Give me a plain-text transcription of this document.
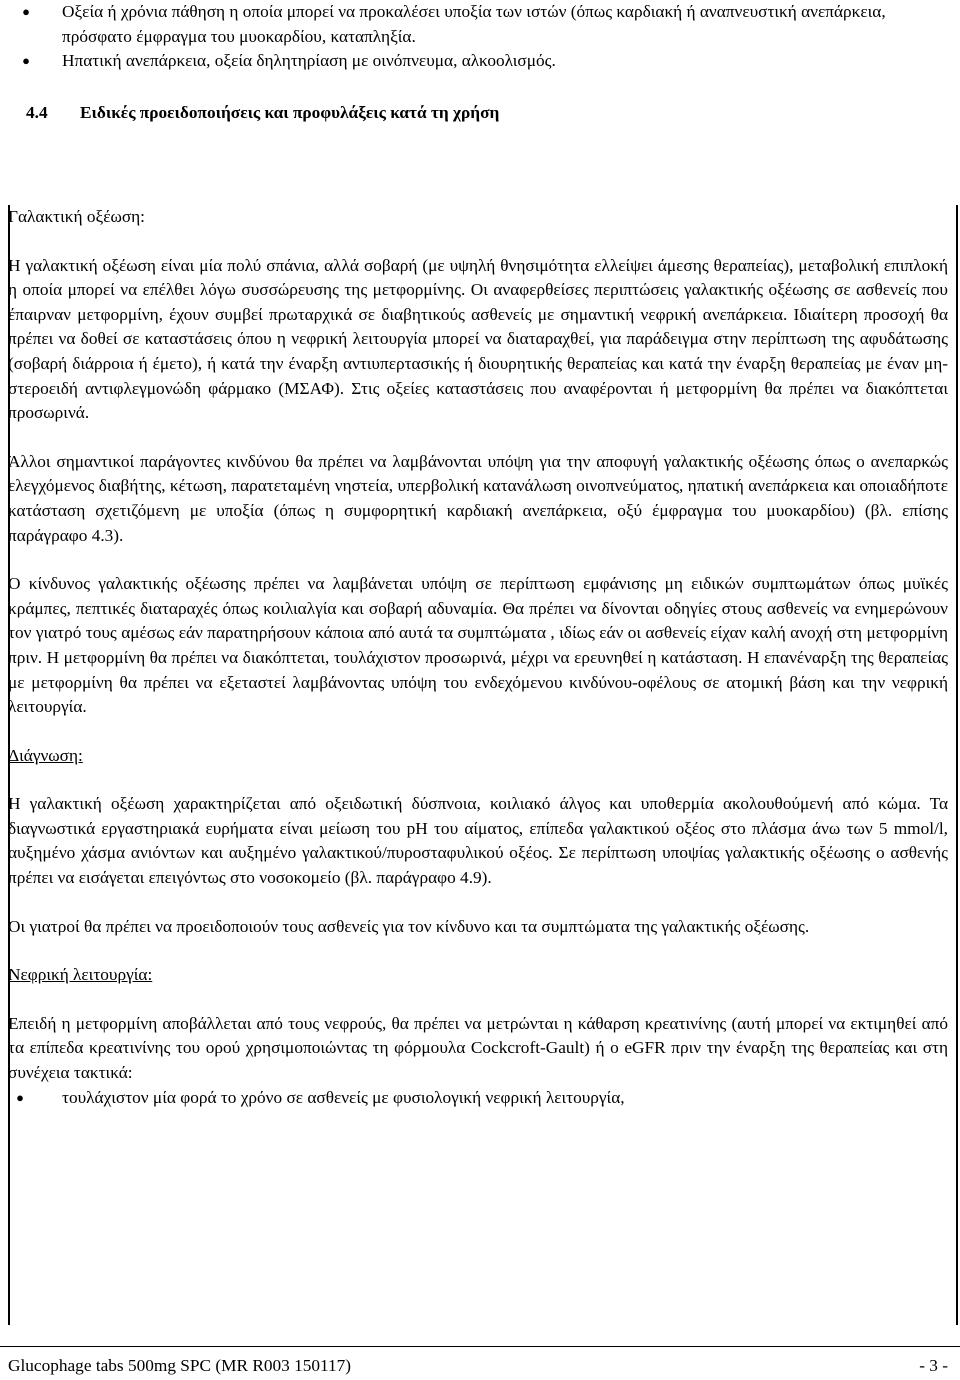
●	Οξεία ή χρόνια πάθηση η οποία μπορεί να προκαλέσει υποξία των ιστών (όπως καρδιακή ή αναπνευστική ανεπάρκεια, πρόσφατο έμφραγμα του μυοκαρδίου, καταπληξία.
●	Ηπατική ανεπάρκεια, οξεία δηλητηρίαση με οινόπνευμα, αλκοολισμός.
4.4 Ειδικές προειδοποιήσεις και προφυλάξεις κατά τη χρήση

Γαλακτική οξέωση:

Η γαλακτική οξέωση είναι μία πολύ σπάνια, αλλά σοβαρή (με υψηλή θνησιμότητα ελλείψει άμεσης θεραπείας), μεταβολική επιπλοκή η οποία μπορεί να επέλθει λόγω συσσώρευσης της μετφορμίνης. Οι αναφερθείσες περιπτώσεις γαλακτικής οξέωσης σε ασθενείς που έπαιρναν μετφορμίνη, έχουν συμβεί πρωταρχικά σε διαβητικούς ασθενείς με σημαντική νεφρική ανεπάρκεια. Ιδιαίτερη προσοχή θα πρέπει να δοθεί σε καταστάσεις όπου η νεφρική λειτουργία μπορεί να διαταραχθεί, για παράδειγμα στην περίπτωση της αφυδάτωσης (σοβαρή διάρροια ή έμετο), ή κατά την έναρξη αντιυπερτασικής ή διουρητικής θεραπείας και κατά την έναρξη θεραπείας με έναν μη-στεροειδή αντιφλεγμονώδη φάρμακο (ΜΣΑΦ). Στις οξείες καταστάσεις που αναφέρονται ή μετφορμίνη θα πρέπει να διακόπτεται προσωρινά.

Άλλοι σημαντικοί παράγοντες κινδύνου θα πρέπει να λαμβάνονται υπόψη για την αποφυγή γαλακτικής οξέωσης όπως ο ανεπαρκώς ελεγχόμενος διαβήτης, κέτωση, παρατεταμένη νηστεία, υπερβολική κατανάλωση οινοπνεύματος, ηπατική ανεπάρκεια και οποιαδήποτε κατάσταση σχετιζόμενη με υποξία (όπως η συμφορητική καρδιακή ανεπάρκεια, οξύ έμφραγμα του μυοκαρδίου) (βλ. επίσης παράγραφο 4.3).

Ο κίνδυνος γαλακτικής οξέωσης πρέπει να λαμβάνεται υπόψη σε περίπτωση εμφάνισης μη ειδικών συμπτωμάτων όπως μυϊκές κράμπες, πεπτικές διαταραχές όπως κοιλιαλγία και σοβαρή αδυναμία. Θα πρέπει να δίνονται οδηγίες στους ασθενείς να ενημερώνουν τον γιατρό τους αμέσως εάν παρατηρήσουν κάποια από αυτά τα συμπτώματα , ιδίως εάν οι ασθενείς είχαν καλή ανοχή στη μετφορμίνη πριν. Η μετφορμίνη θα πρέπει να διακόπτεται, τουλάχιστον προσωρινά, μέχρι να ερευνηθεί η κατάσταση. Η επανέναρξη της θεραπείας με μετφορμίνη θα πρέπει να εξεταστεί λαμβάνοντας υπόψη του ενδεχόμενου κινδύνου-οφέλους σε ατομική βάση και την νεφρική λειτουργία.

Διάγνωση:

Η γαλακτική οξέωση χαρακτηρίζεται από οξειδωτική δύσπνοια, κοιλιακό άλγος και υποθερμία ακολουθούμενή από κώμα. Τα διαγνωστικά εργαστηριακά ευρήματα είναι μείωση του pH του αίματος, επίπεδα γαλακτικού οξέος στο πλάσμα άνω των 5 mmol/l, αυξημένο χάσμα ανιόντων και αυξημένο γαλακτικού/πυροσταφυλικού οξέος. Σε περίπτωση υποψίας γαλακτικής οξέωσης ο ασθενής πρέπει να εισάγεται επειγόντως στο νοσοκομείο (βλ. παράγραφο 4.9).

Οι γιατροί θα πρέπει να προειδοποιούν τους ασθενείς για τον κίνδυνο και τα συμπτώματα της γαλακτικής οξέωσης.

Νεφρική λειτουργία:

Επειδή η μετφορμίνη αποβάλλεται από τους νεφρούς, θα πρέπει να μετρώνται η κάθαρση κρεατινίνης (αυτή μπορεί να εκτιμηθεί από τα επίπεδα κρεατινίνης του ορού χρησιμοποιώντας τη φόρμουλα Cockcroft-Gault) ή ο eGFR πριν την έναρξη της θεραπείας και στη συνέχεια τακτικά:

●	τουλάχιστον μία φορά το χρόνο σε ασθενείς με φυσιολογική νεφρική λειτουργία,
Glucophage tabs 500mg SPC (MR R003 150117)	- 3 -
